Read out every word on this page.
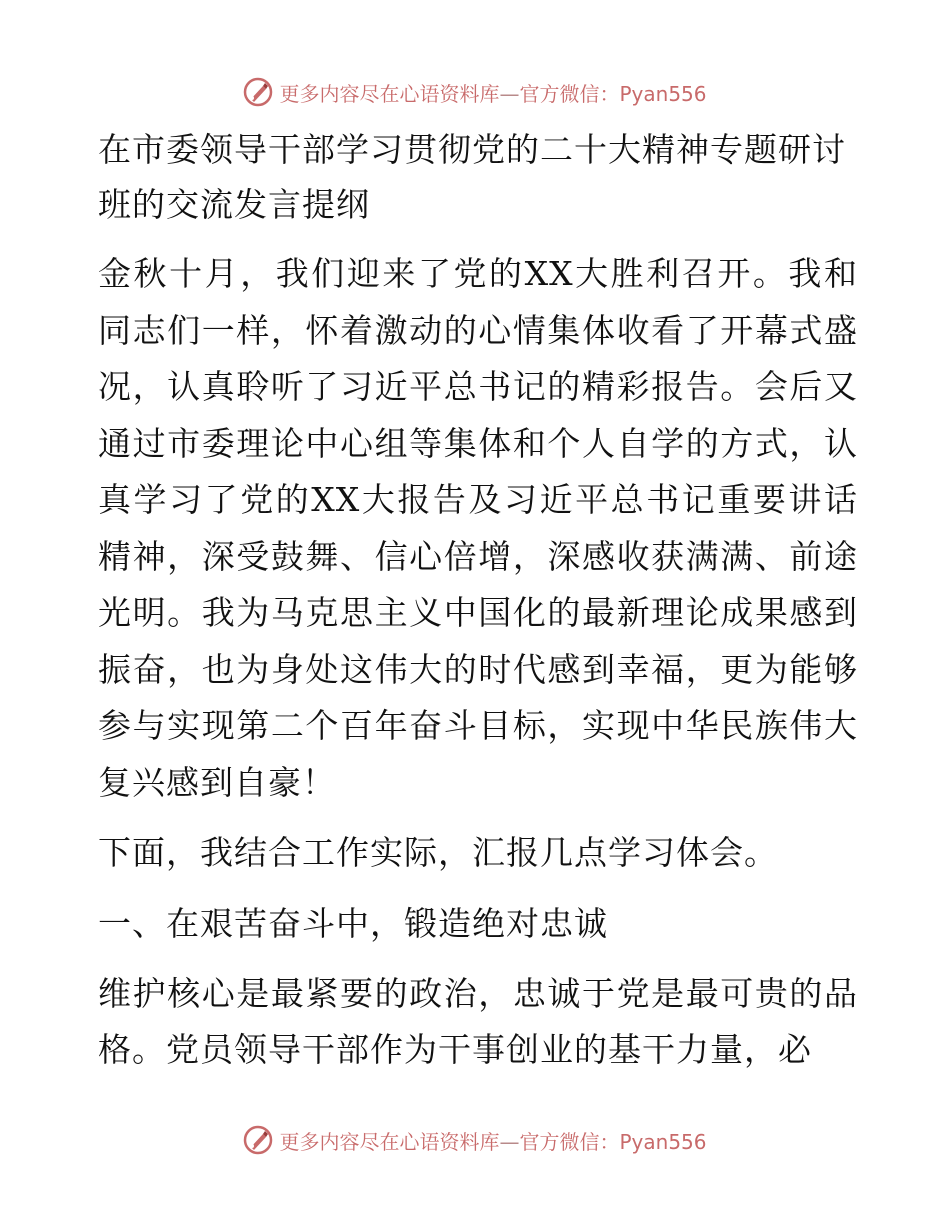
更多内容尽在心语资料库—官方微信：Pyan556
在市委领导干部学习贯彻党的二十大精神专题研讨班的交流发言提纲
金秋十月，我们迎来了党的XX大胜利召开。我和同志们一样，怀着激动的心情集体收看了开幕式盛况，认真聆听了习近平总书记的精彩报告。会后又通过市委理论中心组等集体和个人自学的方式，认真学习了党的XX大报告及习近平总书记重要讲话精神，深受鼓舞、信心倍增，深感收获满满、前途光明。我为马克思主义中国化的最新理论成果感到振奋，也为身处这伟大的时代感到幸福，更为能够参与实现第二个百年奋斗目标，实现中华民族伟大复兴感到自豪！
下面，我结合工作实际，汇报几点学习体会。
一、在艰苦奋斗中，锻造绝对忠诚
维护核心是最紧要的政治，忠诚于党是最可贵的品格。党员领导干部作为干事创业的基干力量，必
更多内容尽在心语资料库—官方微信：Pyan556
